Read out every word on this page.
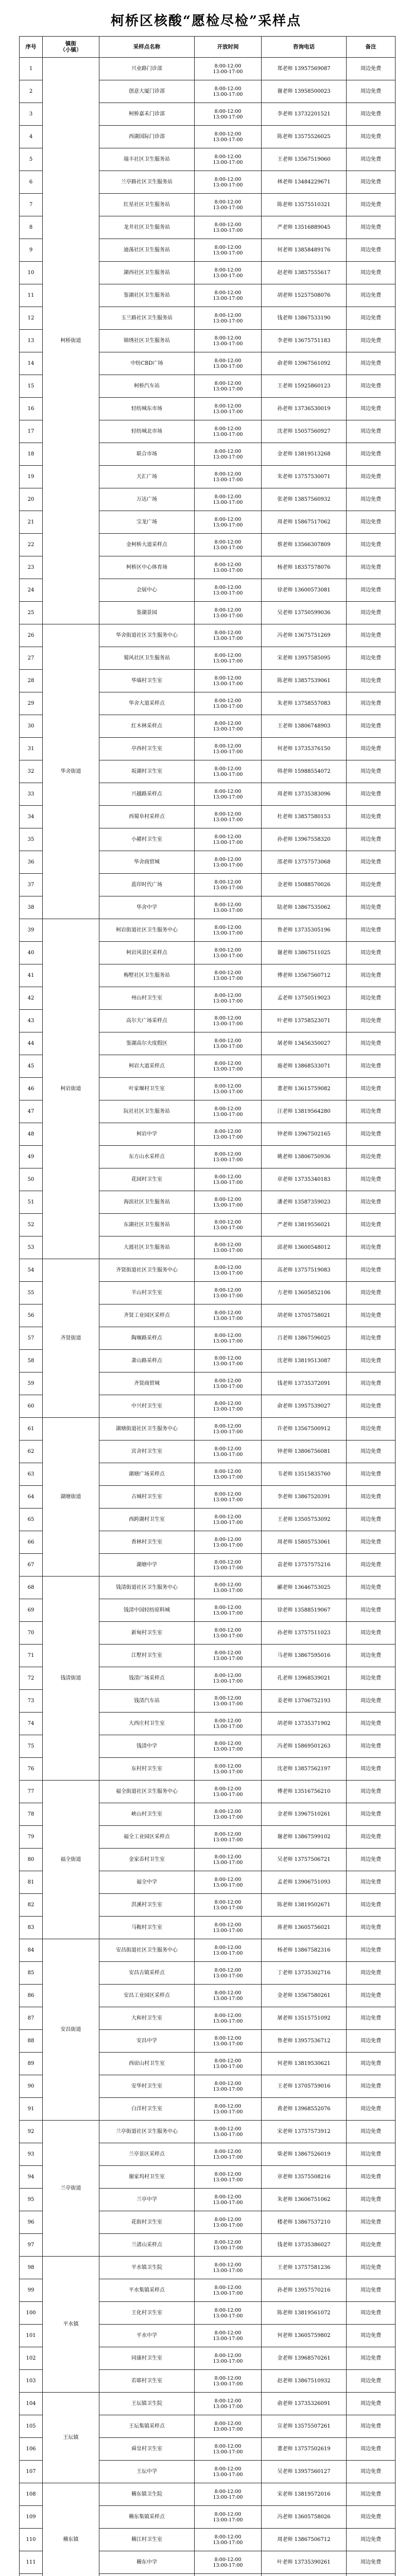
柯桥区核酸“愿检尽检”采样点
序号	镇街
（小镇）	采样点名称	开放时间	咨询电话	备注
1	柯桥街道	兴业路门诊部	8:00-12:00
13:00-17:00	郑老师 13957569087	周边免费
2		创意大厦门诊部	8:00-12:00
13:00-17:00	谢老师 13958500023	周边免费
3		柯桥嘉禾门诊部	8:00-12:00
13:00-17:00	李老师 13732201521	周边免费
4		西湖国际门诊部	8:00-12:00
13:00-17:00	陈老师 13575526025	周边免费
5		瑞丰社区卫生服务站	8:00-12:00
13:00-17:00	王老师 13567519060	周边免费
6		兰亭路社区卫生服务站	8:00-12:00
13:00-17:00	林老师 13484229671	周边免费
7		红星社区卫生服务站	8:00-12:00
13:00-17:00	陈老师 13575510321	周边免费
8		龙井社区卫生服务站	8:00-12:00
13:00-17:00	严老师 13516889045	周边免费
9		迪荡社区卫生服务站	8:00-12:00
13:00-17:00	何老师 13858489176	周边免费
10		湖西社区卫生服务站	8:00-12:00
13:00-17:00	赵老师 13857555617	周边免费
11		鉴湖社区卫生服务站	8:00-12:00
13:00-17:00	胡老师 15257508076	周边免费
12		玉兰路社区卫生服务站	8:00-12:00
13:00-17:00	钱老师 13867533190	周边免费
13		锦绣社区卫生服务站	8:00-12:00
13:00-17:00	李老师 13675751183	周边免费
14		中纺CBD广场	8:00-12:00
13:00-17:00	俞老师 13967561092	周边免费
15		柯桥汽车站	8:00-12:00
13:00-17:00	王老师 15925860123	周边免费
16		轻纺城东市场	8:00-12:00
13:00-17:00	孙老师 13736530019	周边免费
17		轻纺城北市场	8:00-12:00
13:00-17:00	沈老师 15057560927	周边免费
18		联合市场	8:00-12:00
13:00-17:00	金老师 13819513268	周边免费
19		天汇广场	8:00-12:00
13:00-17:00	朱老师 13757530071	周边免费
20		万达广场	8:00-12:00
13:00-17:00	张老师 13857560932	周边免费
21		宝龙广场	8:00-12:00
13:00-17:00	周老师 15867517062	周边免费
22		金柯桥大道采样点	8:00-12:00
13:00-17:00	蔡老师 13566307809	周边免费
23		柯桥区中心体育场	8:00-12:00
13:00-17:00	杨老师 18357578076	周边免费
24		会展中心	8:00-12:00
13:00-17:00	徐老师 13600573081	周边免费
25		鉴湖景园	8:00-12:00
13:00-17:00	吴老师 13750599036	周边免费
26	华舍街道	华舍街道社区卫生服务中心	8:00-12:00
13:00-17:00	冯老师 13675751269	周边免费
27		蜀风社区卫生服务站	8:00-12:00
13:00-17:00	宋老师 13957585095	周边免费
28		华墙村卫生室	8:00-12:00
13:00-17:00	陈老师 13857539061	周边免费
29		华舍大道采样点	8:00-12:00
13:00-17:00	朱老师 13758557083	周边免费
30		红木林采样点	8:00-12:00
13:00-17:00	王老师 13806748903	周边免费
31		亭西村卫生室	8:00-12:00
13:00-17:00	何老师 13735376150	周边免费
32		坂湖村卫生室	8:00-12:00
13:00-17:00	韩老师 15988554072	周边免费
33		兴越路采样点	8:00-12:00
13:00-17:00	周老师 13735383096	周边免费
34		西蜀阜村采样点	8:00-12:00
13:00-17:00	杜老师 13857580153	周边免费
35		小赭村卫生室	8:00-12:00
13:00-17:00	孙老师 13967558320	周边免费
36		华舍商贸城	8:00-12:00
13:00-17:00	邵老师 13757573068	周边免费
37		蓝印时代广场	8:00-12:00
13:00-17:00	金老师 15088570026	周边免费
38		华舍中学	8:00-12:00
13:00-17:00	陆老师 13867535062	周边免费
39	柯岩街道	柯岩街道社区卫生服务中心	8:00-12:00
13:00-17:00	鲁老师 13735305196	周边免费
40		柯岩风景区采样点	8:00-12:00
13:00-17:00	谢老师 13867511025	周边免费
41		梅墅社区卫生服务站	8:00-12:00
13:00-17:00	傅老师 13567560712	周边免费
42		州山村卫生室	8:00-12:00
13:00-17:00	孟老师 13750519023	周边免费
43		高尔夫广场采样点	8:00-12:00
13:00-17:00	叶老师 13758523071	周边免费
44		鉴湖高尔夫度假区	8:00-12:00
13:00-17:00	屠老师 13456350027	周边免费
45		柯岩大道采样点	8:00-12:00
13:00-17:00	施老师 13868533071	周边免费
46		叶家堰村卫生室	8:00-12:00
13:00-17:00	董老师 13615759082	周边免费
47		阮社社区卫生服务站	8:00-12:00
13:00-17:00	汪老师 13819564280	周边免费
48		柯岩中学	8:00-12:00
13:00-17:00	钟老师 13967502165	周边免费
49		东方山水采样点	8:00-12:00
13:00-17:00	姚老师 13806750936	周边免费
50		花园村卫生室	8:00-12:00
13:00-17:00	章老师 13735340183	周边免费
51		海滨社区卫生服务站	8:00-12:00
13:00-17:00	潘老师 13587359023	周边免费
52		东湖社区卫生服务站	8:00-12:00
13:00-17:00	严老师 13819556021	周边免费
53		大渡社区卫生服务站	8:00-12:00
13:00-17:00	邱老师 13600548012	周边免费
54	齐贤街道	齐贤街道社区卫生服务中心	8:00-12:00
13:00-17:00	高老师 13757519083	周边免费
55		羊山村卫生室	8:00-12:00
13:00-17:00	方老师 13605852106	周边免费
56		齐贤工业园区采样点	8:00-12:00
13:00-17:00	胡老师 13705758021	周边免费
57		陶堰路采样点	8:00-12:00
13:00-17:00	吕老师 13867596025	周边免费
58		萧山路采样点	8:00-12:00
13:00-17:00	沈老师 13819513087	周边免费
59		齐贤商贸城	8:00-12:00
13:00-17:00	钱老师 13735372091	周边免费
60		中兴村卫生室	8:00-12:00
13:00-17:00	俞老师 13957539027	周边免费
61	湖塘街道	湖塘街道社区卫生服务中心	8:00-12:00
13:00-17:00	许老师 13567500912	周边免费
62		宾舍村卫生室	8:00-12:00
13:00-17:00	钟老师 13806756081	周边免费
63		湖塘广场采样点	8:00-12:00
13:00-17:00	韦老师 13515835760	周边免费
64		古城村卫生室	8:00-12:00
13:00-17:00	李老师 13867520391	周边免费
65		西跨湖村卫生室	8:00-12:00
13:00-17:00	王老师 13505753092	周边免费
66		香林村卫生室	8:00-12:00
13:00-17:00	周老师 15805753061	周边免费
67		湖塘中学	8:00-12:00
13:00-17:00	袁老师 13757575216	周边免费
68	钱清街道	钱清街道社区卫生服务中心	8:00-12:00
13:00-17:00	郦老师 13646753025	周边免费
69		钱清中国轻纺原料城	8:00-12:00
13:00-17:00	徐老师 13588519067	周边免费
70		新甸村卫生室	8:00-12:00
13:00-17:00	孙老师 13757511023	周边免费
71		江墅村卫生室	8:00-12:00
13:00-17:00	马老师 13867595016	周边免费
72		钱清广场采样点	8:00-12:00
13:00-17:00	孔老师 13968539021	周边免费
73		钱清汽车站	8:00-12:00
13:00-17:00	姜老师 13706752193	周边免费
74		大西庄村卫生室	8:00-12:00
13:00-17:00	胡老师 13735371902	周边免费
75		钱清中学	8:00-12:00
13:00-17:00	冯老师 15869501263	周边免费
76		东村村卫生室	8:00-12:00
13:00-17:00	沈老师 13857562197	周边免费
77	福全街道	福全街道社区卫生服务中心	8:00-12:00
13:00-17:00	傅老师 13516756210	周边免费
78		峡山村卫生室	8:00-12:00
13:00-17:00	金老师 13967510261	周边免费
79		福全工业园区采样点	8:00-12:00
13:00-17:00	谢老师 13867599102	周边免费
80		金家岙村卫生室	8:00-12:00
13:00-17:00	吴老师 13757506721	周边免费
81		福全中学	8:00-12:00
13:00-17:00	孟老师 13906751093	周边免费
82		洪溪村卫生室	8:00-12:00
13:00-17:00	陈老师 13819502671	周边免费
83		马鞍村卫生室	8:00-12:00
13:00-17:00	蒋老师 13605756021	周边免费
84	安昌街道	安昌街道社区卫生服务中心	8:00-12:00
13:00-17:00	杨老师 13867582316	周边免费
85		安昌古镇采样点	8:00-12:00
13:00-17:00	丁老师 13735302716	周边免费
86		安昌工业园区采样点	8:00-12:00
13:00-17:00	金老师 13567580261	周边免费
87		大和村卫生室	8:00-12:00
13:00-17:00	屠老师 13515751092	周边免费
88		安昌中学	8:00-12:00
13:00-17:00	鲁老师 13957536712	周边免费
89		西扆山村卫生室	8:00-12:00
13:00-17:00	何老师 13819530621	周边免费
90		安华村卫生室	8:00-12:00
13:00-17:00	王老师 13705759016	周边免费
91		白洋村卫生室	8:00-12:00
13:00-17:00	黄老师 13968552076	周边免费
92	兰亭街道	兰亭街道社区卫生服务中心	8:00-12:00
13:00-17:00	宋老师 13757573912	周边免费
93		兰亭景区采样点	8:00-12:00
13:00-17:00	柴老师 13867526019	周边免费
94		谢家坞村卫生室	8:00-12:00
13:00-17:00	章老师 13575508216	周边免费
95		兰亭中学	8:00-12:00
13:00-17:00	朱老师 13606751062	周边免费
96		花街村卫生室	8:00-12:00
13:00-17:00	楼老师 13867537210	周边免费
97		兰渚山采样点	8:00-12:00
13:00-17:00	钱老师 13735386027	周边免费
98	平水镇	平水镇卫生院	8:00-12:00
13:00-17:00	王老师 13757581236	周边免费
99		平水集镇采样点	8:00-12:00
13:00-17:00	孙老师 13957570216	周边免费
100		王化村卫生室	8:00-12:00
13:00-17:00	陈老师 13819561072	周边免费
101		平水中学	8:00-12:00
13:00-17:00	何老师 13605759802	周边免费
102		同康村卫生室	8:00-12:00
13:00-17:00	金老师 13968570261	周边免费
103		若耶村卫生室	8:00-12:00
13:00-17:00	赵老师 13867510932	周边免费
104	王坛镇	王坛镇卫生院	8:00-12:00
13:00-17:00	俞老师 13735326091	周边免费
105		王坛集镇采样点	8:00-12:00
13:00-17:00	宣老师 13575507261	周边免费
106		舜皇村卫生室	8:00-12:00
13:00-17:00	董老师 13757502619	周边免费
107		王坛中学	8:00-12:00
13:00-17:00	吴老师 13957560127	周边免费
108	稽东镇	稽东镇卫生院	8:00-12:00
13:00-17:00	宋老师 13819572016	周边免费
109		稽东集镇采样点	8:00-12:00
13:00-17:00	冯老师 13605758026	周边免费
110		稽江村卫生室	8:00-12:00
13:00-17:00	周老师 13867506712	周边免费
111		稽东中学	8:00-12:00
13:00-17:00	叶老师 13735390261	周边免费
